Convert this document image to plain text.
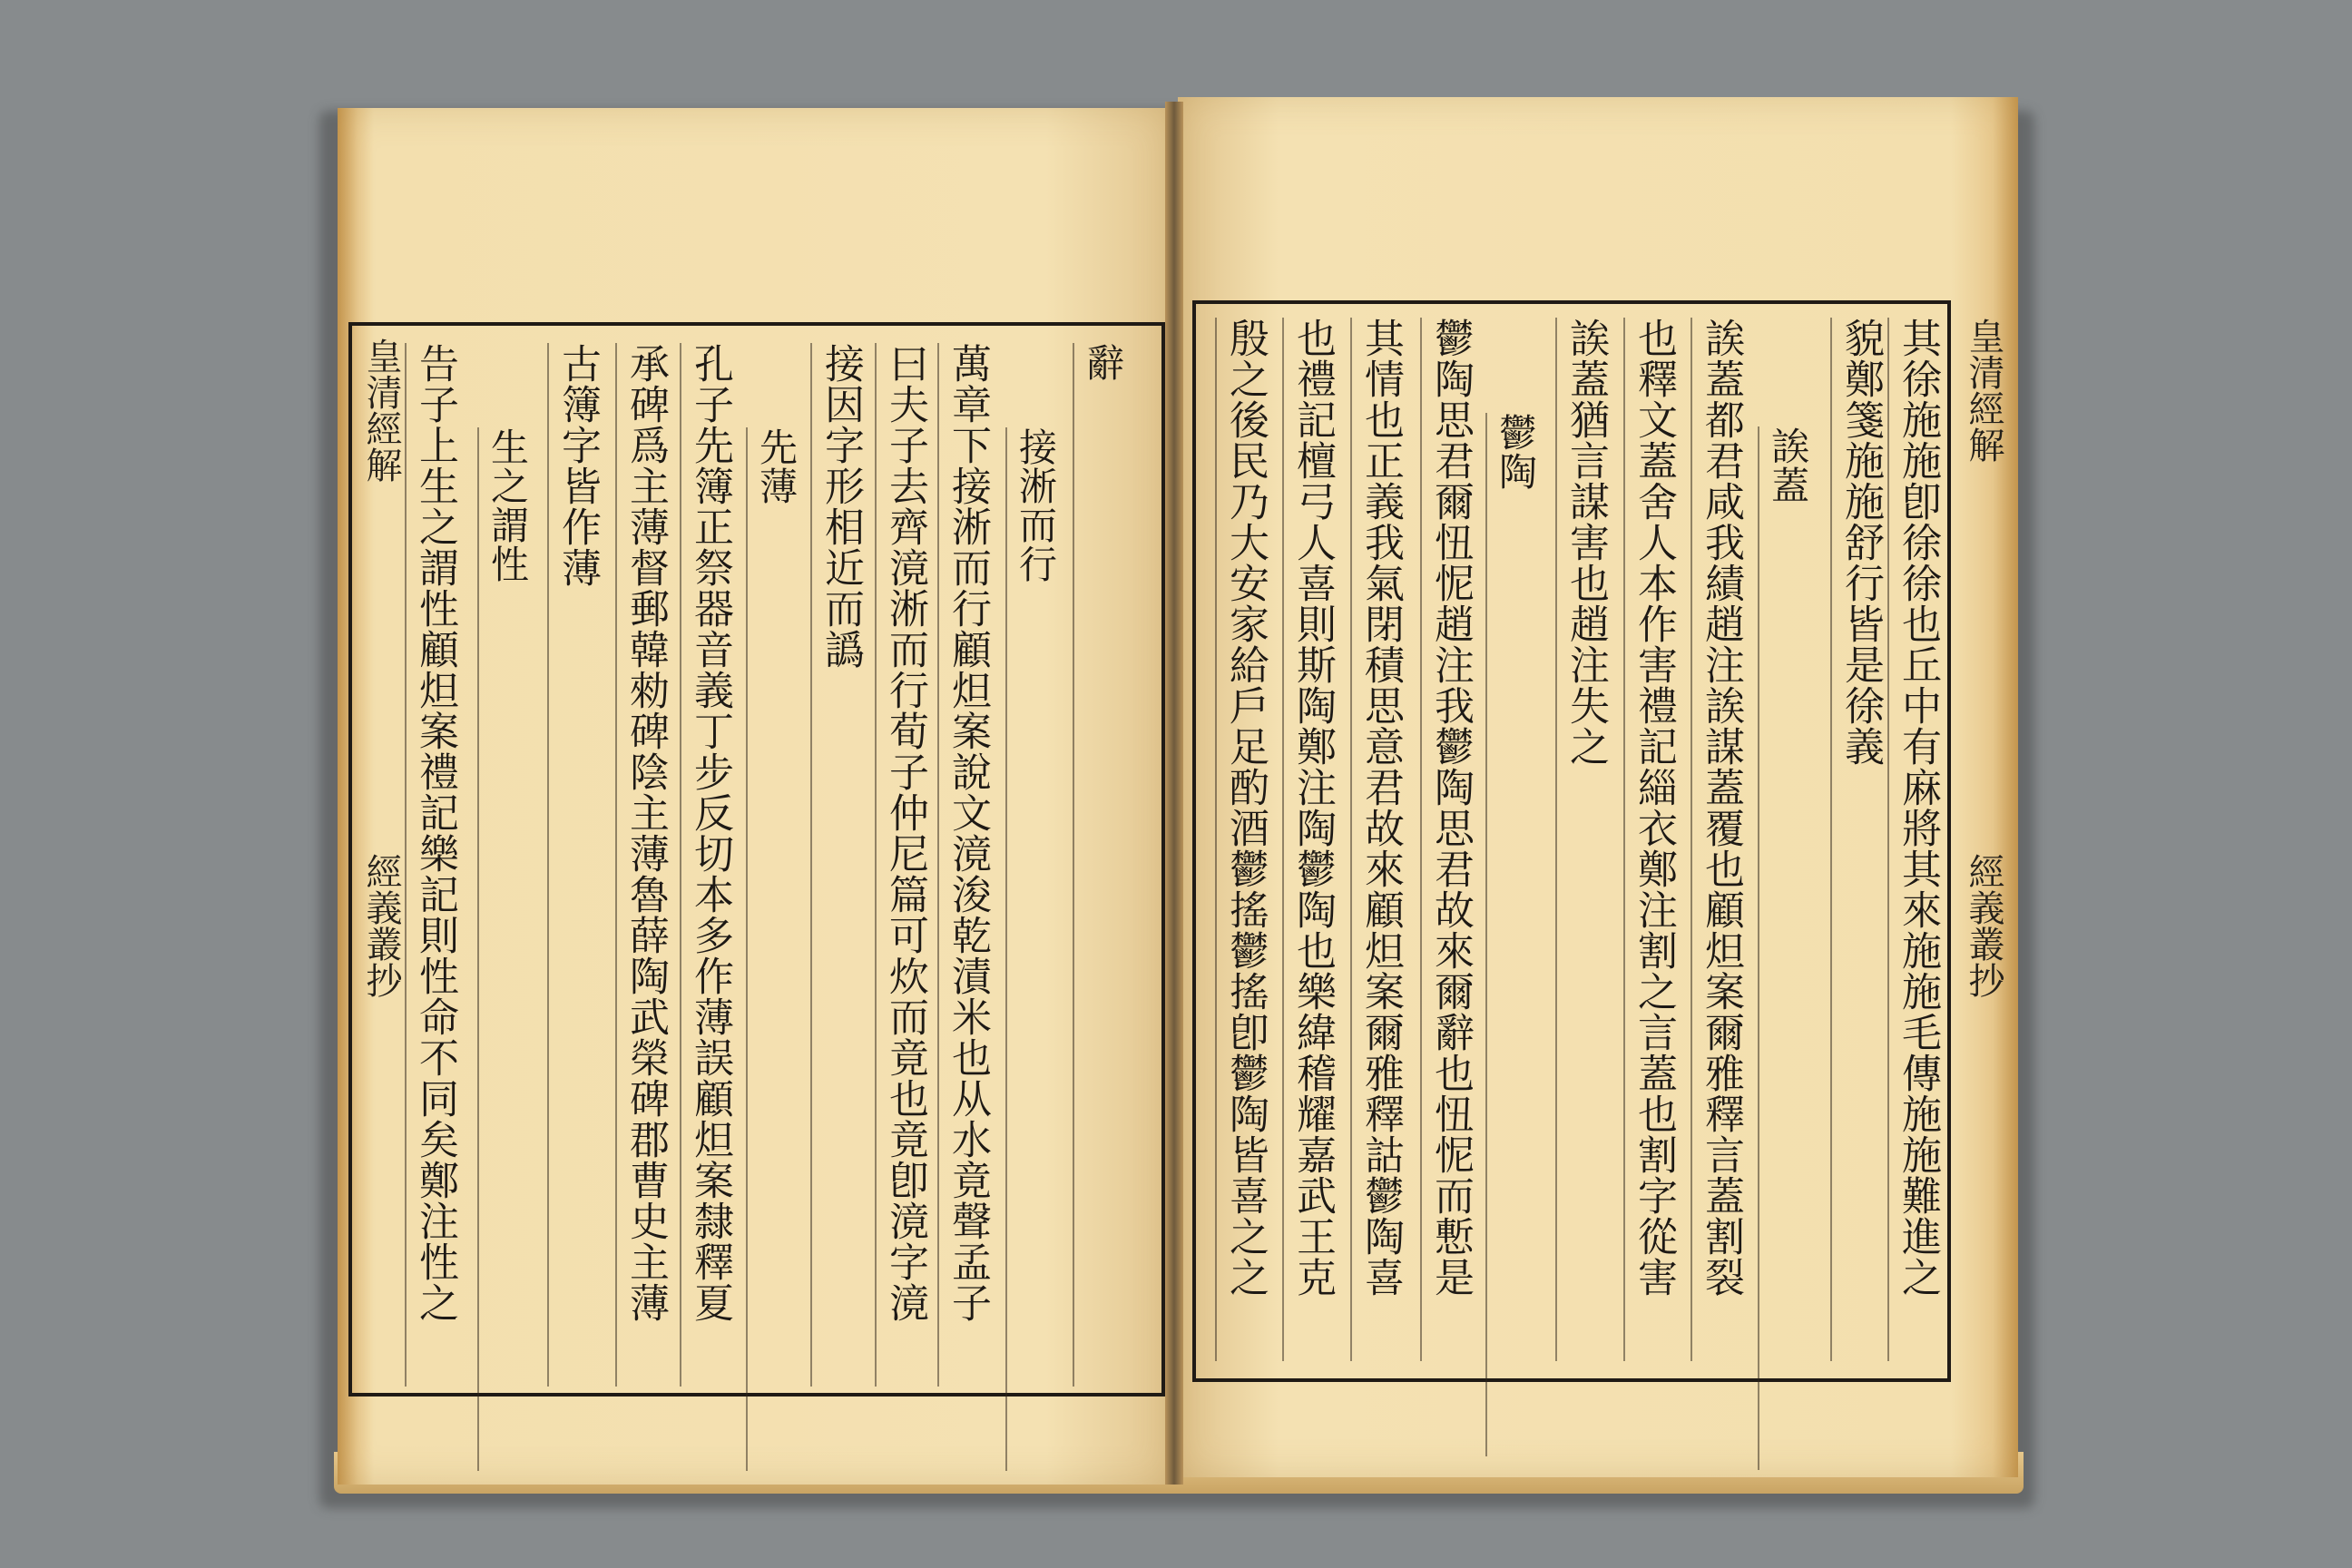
皇清經解
經義叢抄
辭
接淅而行
萬章下接淅而行顧炟案說文滰浚乾漬米也从水竟聲孟子
曰夫子去齊滰淅而行荀子仲尼篇可炊而竟也竟卽滰字滰
接因字形相近而譌
先薄
孔子先簿正祭器音義丁步反切本多作薄誤顧炟案隸釋夏
承碑爲主薄督郵韓勑碑陰主薄魯薛陶武榮碑郡曹史主薄
古簿字皆作薄
生之謂性
告子上生之謂性顧炟案禮記樂記則性命不同矣鄭注性之	其徐施施卽徐徐也丘中有麻將其來施施毛傳施施難進之
貌鄭箋施施舒行皆是徐義
誒蓋
誒蓋都君咸我績趙注誒謀蓋覆也顧炟案爾雅釋言蓋割裂
也釋文蓋舍人本作害禮記緇衣鄭注割之言蓋也割字從害
誒蓋猶言謀害也趙注失之
鬱陶
鬱陶思君爾忸怩趙注我鬱陶思君故來爾辭也忸怩而慙是
其情也正義我氣閉積思意君故來顧炟案爾雅釋詁鬱陶喜
也禮記檀弓人喜則斯陶鄭注陶鬱陶也樂緯稽耀嘉武王克
殷之後民乃大安家給戶足酌酒鬱搖鬱搖卽鬱陶皆喜之之	皇清經解
經義叢抄
